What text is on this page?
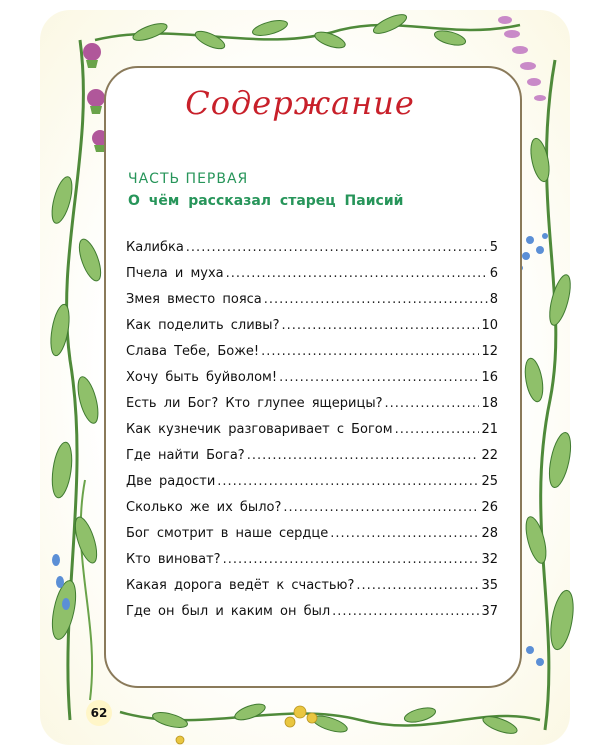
Содержание
ЧАСТЬ ПЕРВАЯ
О чём рассказал старец Паисий
Калибка .....	5
Пчела и муха .....	6
Змея вместо пояса .....	8
Как поделить сливы? .....	10
Слава Тебе, Боже! .....	12
Хочу быть буйволом! .....	16
Есть ли Бог? Кто глупее ящерицы? .....	18
Как кузнечик разговаривает с Богом .....	21
Где найти Бога? .....	22
Две радости .....	25
Сколько же их было? .....	26
Бог смотрит в наше сердце .....	28
Кто виноват? .....	32
Какая дорога ведёт к счастью? .....	35
Где он был и каким он был .....	37
62
